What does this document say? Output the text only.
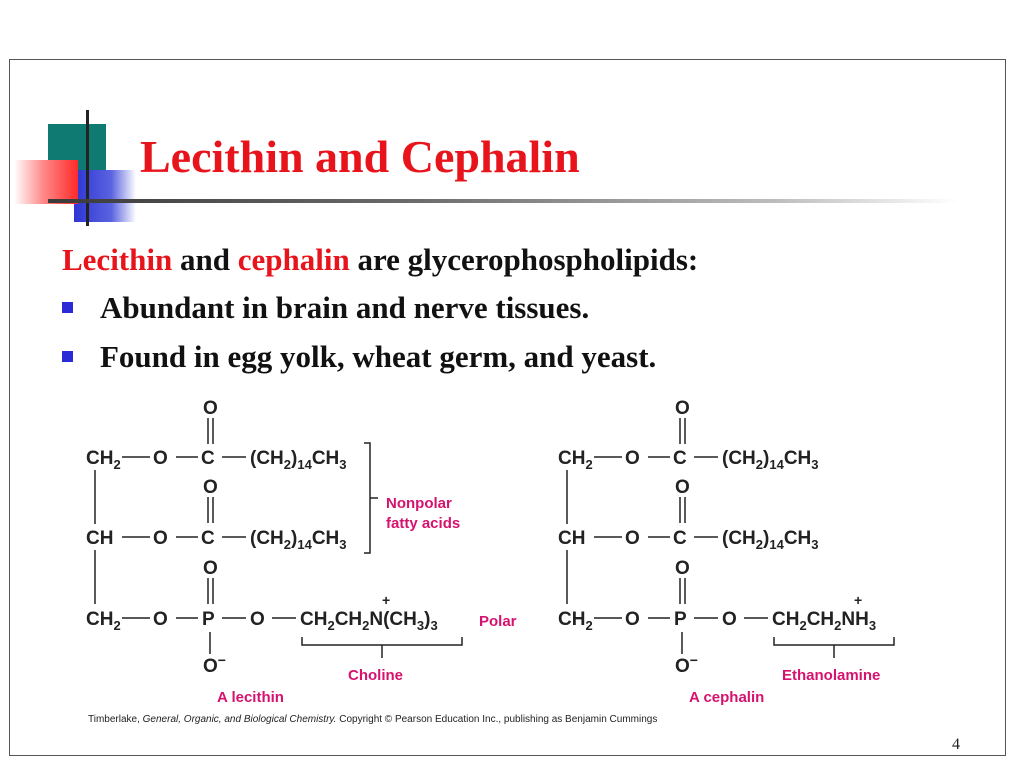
Lecithin and Cephalin
Lecithin and cephalin are glycerophospholipids:
Abundant in brain and nerve tissues.
Found in egg yolk, wheat germ, and yeast.
$CH_2$ O C
O
$(CH_2)_{14}CH_3$
CH O C
O
$(CH_2)_{14}CH_3$
$CH_2$ O P
O
O $CH_2CH_2N(CH_3)_3$
+
O−
Nonpolar
fatty acids
Polar
Choline
A lecithin
$CH_2$ O C
O
$(CH_2)_{14}CH_3$
CH O C
O
$(CH_2)_{14}CH_3$
$CH_2$ O P
O
O $CH_2CH_2NH_3$
+
O−
Ethanolamine
A cephalin
Timberlake, General, Organic, and Biological Chemistry. Copyright © Pearson Education Inc., publishing as Benjamin Cummings
4
